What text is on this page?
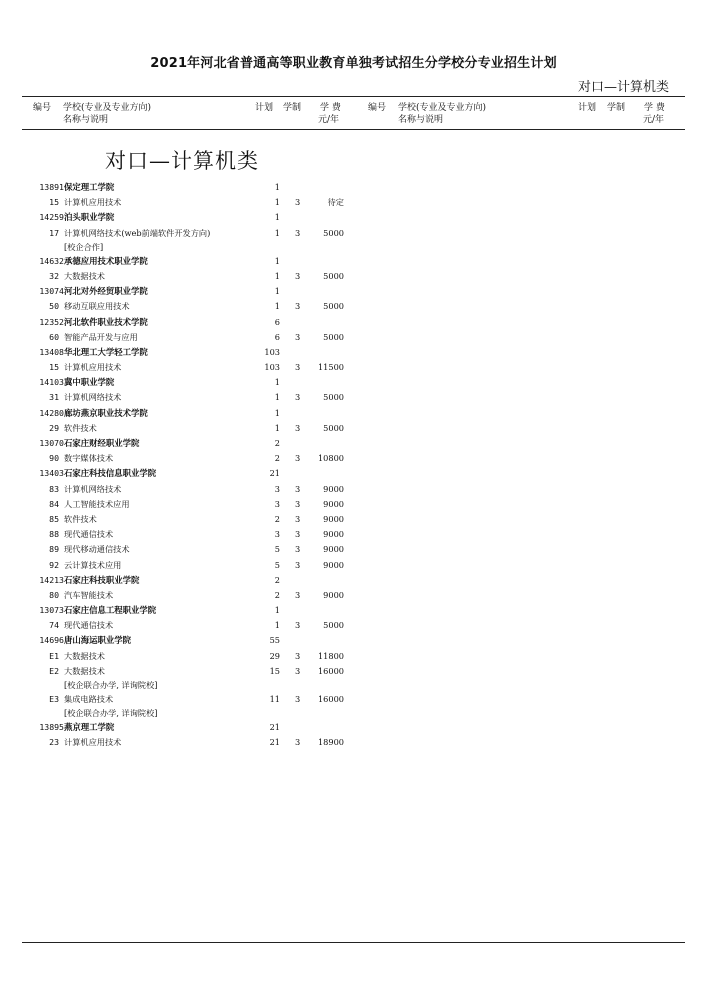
2021年河北省普通高等职业教育单独考试招生分学校分专业招生计划
对口—计算机类
编号 学校(专业及专业方向)
名称与说明
计划 学制 学 费
元/年
编号 学校(专业及专业方向)
名称与说明
计划 学制 学 费
元/年
对口—计算机类
13891 保定理工学院	1
15 计算机应用技术	1 3	待定
14259 泊头职业学院	1
17 计算机网络技术(web前端软件开发方向)	1 3	5000
[校企合作]
14632 承德应用技术职业学院	1
32 大数据技术	1 3	5000
13074 河北对外经贸职业学院	1
50 移动互联应用技术	1 3	5000
12352 河北软件职业技术学院	6
60 智能产品开发与应用	6 3	5000
13408 华北理工大学轻工学院	103
15 计算机应用技术	103 3 11500
14103 冀中职业学院	1
31 计算机网络技术	1 3	5000
14280 廊坊燕京职业技术学院	1
29 软件技术	1 3	5000
13070 石家庄财经职业学院	2
90 数字媒体技术	2 3 10800
13403 石家庄科技信息职业学院	21
83 计算机网络技术	3 3	9000
84 人工智能技术应用	3 3	9000
85 软件技术	2 3	9000
88 现代通信技术	3 3	9000
89 现代移动通信技术	5 3	9000
92 云计算技术应用	5 3	9000
14213 石家庄科技职业学院	2
80 汽车智能技术	2 3	9000
13073 石家庄信息工程职业学院	1
74 现代通信技术	1 3	5000
14696 唐山海运职业学院	55
E1 大数据技术	29 3 11800
E2 大数据技术	15 3 16000
[校企联合办学, 详询院校]
E3 集成电路技术	11 3 16000
[校企联合办学, 详询院校]
13895 燕京理工学院	21
23 计算机应用技术	21 3 18900
